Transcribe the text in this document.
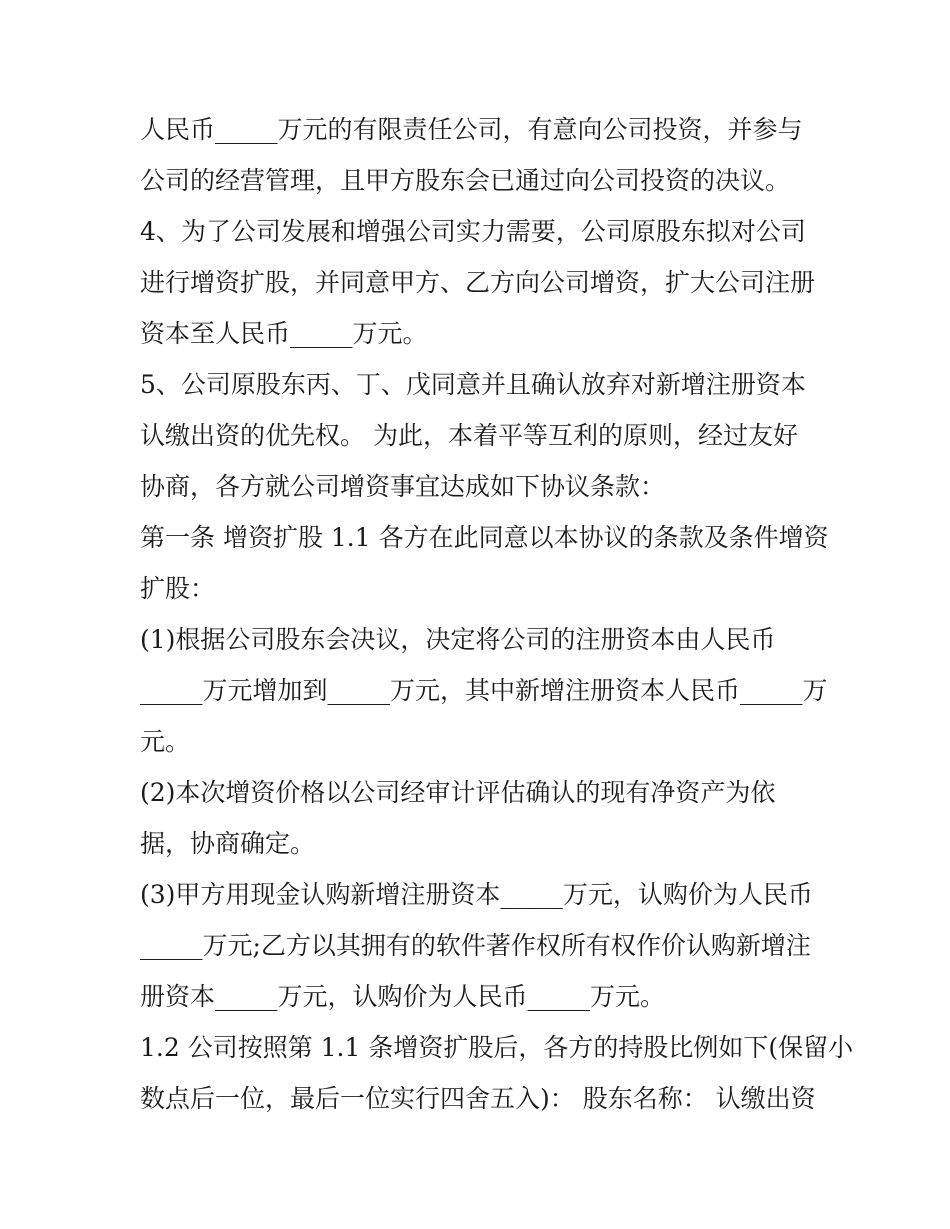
人民币_____万元的有限责任公司，有意向公司投资，并参与
公司的经营管理，且甲方股东会已通过向公司投资的决议。
4、为了公司发展和增强公司实力需要，公司原股东拟对公司
进行增资扩股，并同意甲方、乙方向公司增资，扩大公司注册
资本至人民币_____万元。
5、公司原股东丙、丁、戊同意并且确认放弃对新增注册资本
认缴出资的优先权。 为此，本着平等互利的原则，经过友好
协商，各方就公司增资事宜达成如下协议条款：
第一条 增资扩股 1.1 各方在此同意以本协议的条款及条件增资
扩股：
(1)根据公司股东会决议，决定将公司的注册资本由人民币
_____万元增加到_____万元，其中新增注册资本人民币_____万
元。
(2)本次增资价格以公司经审计评估确认的现有净资产为依
据，协商确定。
(3)甲方用现金认购新增注册资本_____万元，认购价为人民币
_____万元;乙方以其拥有的软件著作权所有权作价认购新增注
册资本_____万元，认购价为人民币_____万元。
1.2 公司按照第 1.1 条增资扩股后，各方的持股比例如下(保留小
数点后一位，最后一位实行四舍五入)： 股东名称： 认缴出资
